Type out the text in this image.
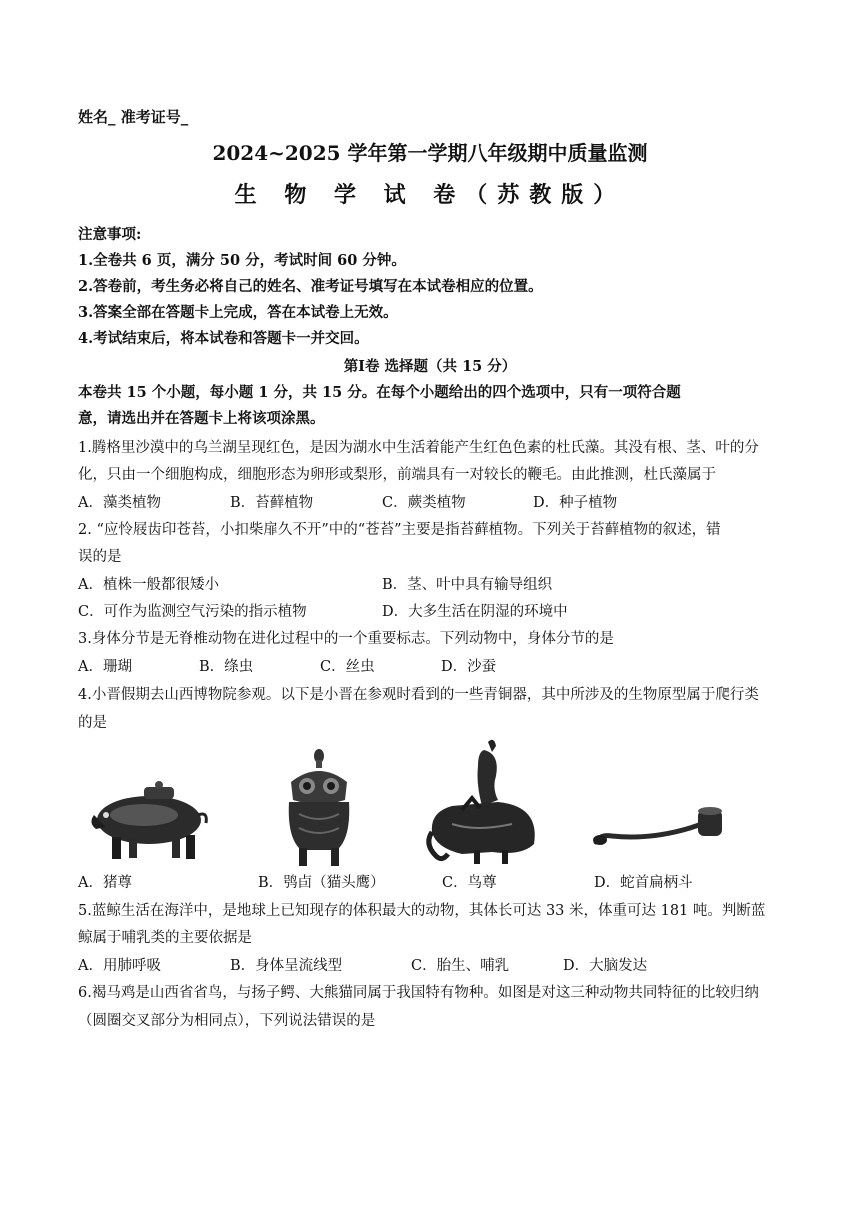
姓名_ 准考证号_
2024~2025 学年第一学期八年级期中质量监测
生 物 学 试 卷（苏教版）
注意事项:
1.全卷共 6 页，满分 50 分，考试时间 60 分钟。
2.答卷前，考生务必将自己的姓名、准考证号填写在本试卷相应的位置。
3.答案全部在答题卡上完成，答在本试卷上无效。
4.考试结束后，将本试卷和答题卡一并交回。
第Ⅰ卷 选择题（共 15 分）
本卷共 15 个小题，每小题 1 分，共 15 分。在每个小题给出的四个选项中，只有一项符合题
意，请选出并在答题卡上将该项涂黑。
1.腾格里沙漠中的乌兰湖呈现红色，是因为湖水中生活着能产生红色色素的杜氏藻。其没有根、茎、叶的分
化，只由一个细胞构成，细胞形态为卵形或梨形，前端具有一对较长的鞭毛。由此推测，杜氏藻属于
A．藻类植物	B．苔藓植物	C．蕨类植物	D．种子植物
2. “应怜屐齿印苍苔，小扣柴扉久不开”中的“苍苔”主要是指苔藓植物。下列关于苔藓植物的叙述，错
误的是
A．植株一般都很矮小	B．茎、叶中具有输导组织
C．可作为监测空气污染的指示植物	D．大多生活在阴湿的环境中
3.身体分节是无脊椎动物在进化过程中的一个重要标志。下列动物中，身体分节的是
A．珊瑚	B．绦虫	C．丝虫	D．沙蚕
4.小晋假期去山西博物院参观。以下是小晋在参观时看到的一些青铜器，其中所涉及的生物原型属于爬行类
的是
A．猪尊	B．鸮卣（猫头鹰）	C．鸟尊	D．蛇首扁柄斗
5.蓝鲸生活在海洋中，是地球上已知现存的体积最大的动物，其体长可达 33 米，体重可达 181 吨。判断蓝
鲸属于哺乳类的主要依据是
A．用肺呼吸	B．身体呈流线型	C．胎生、哺乳	D．大脑发达
6.褐马鸡是山西省省鸟，与扬子鳄、大熊猫同属于我国特有物种。如图是对这三种动物共同特征的比较归纳
（圆圈交叉部分为相同点），下列说法错误的是
